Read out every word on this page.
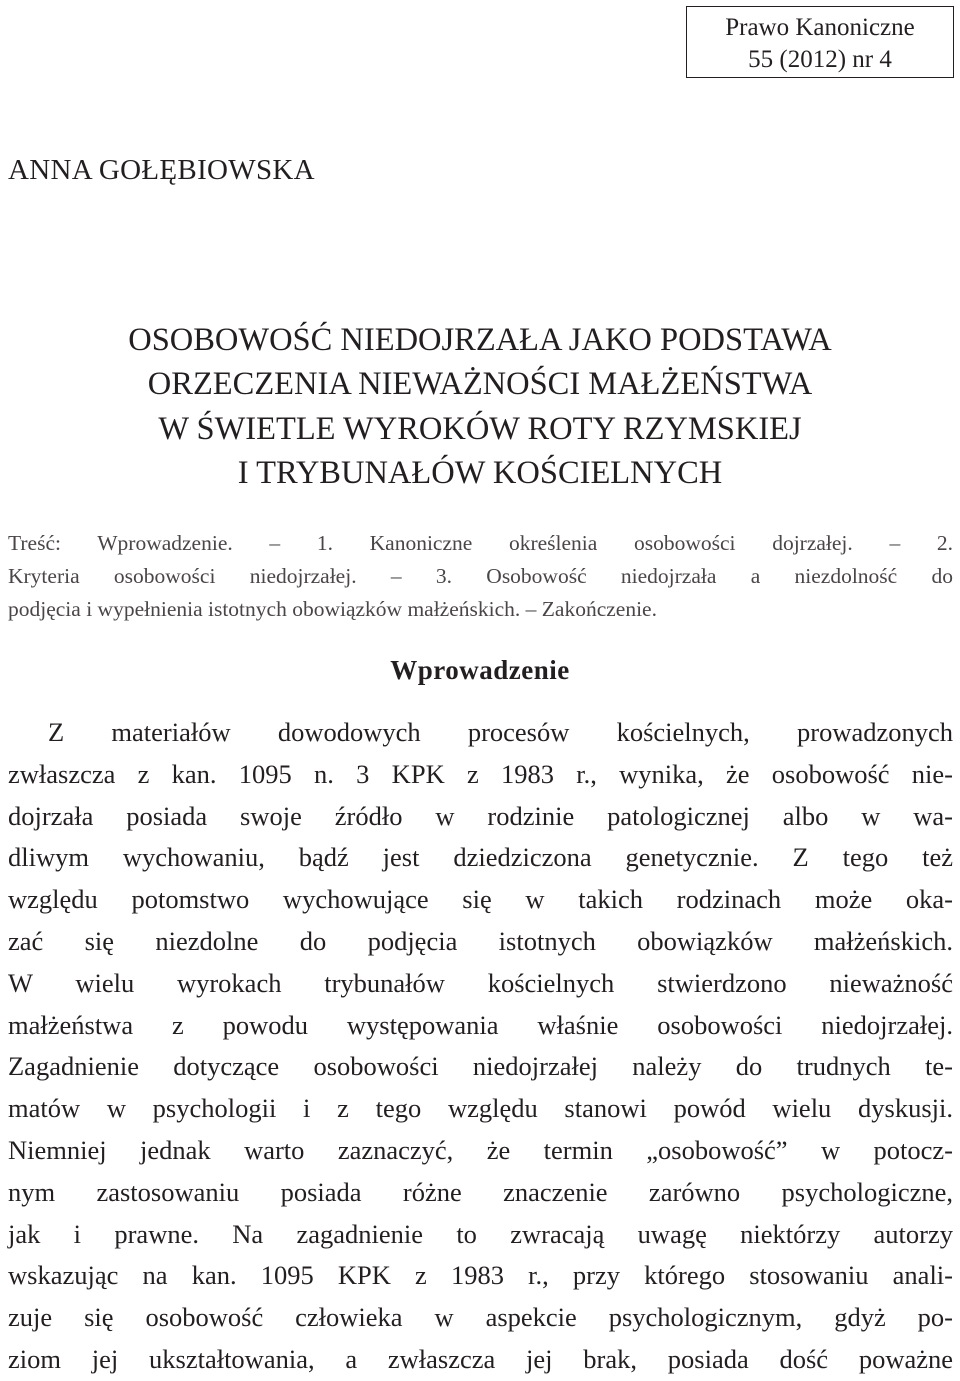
Prawo Kanoniczne
55 (2012) nr 4
ANNA GOŁĘBIOWSKA
OSOBOWOŚĆ NIEDOJRZAŁA JAKO PODSTAWA
ORZECZENIA NIEWAŻNOŚCI MAŁŻEŃSTWA
W ŚWIETLE WYROKÓW ROTY RZYMSKIEJ
I TRYBUNAŁÓW KOŚCIELNYCH
Treść: Wprowadzenie. – 1. Kanoniczne określenia osobowości dojrzałej. – 2.
Kryteria osobowości niedojrzałej. – 3. Osobowość niedojrzała a niezdolność do
podjęcia i wypełnienia istotnych obowiązków małżeńskich. – Zakończenie.
Wprowadzenie
Z materiałów dowodowych procesów kościelnych, prowadzonych
zwłaszcza z kan. 1095 n. 3 KPK z 1983 r., wynika, że osobowość nie-
dojrzała posiada swoje źródło w rodzinie patologicznej albo w wa-
dliwym wychowaniu, bądź jest dziedziczona genetycznie. Z tego też
względu potomstwo wychowujące się w takich rodzinach może oka-
zać się niezdolne do podjęcia istotnych obowiązków małżeńskich.
W wielu wyrokach trybunałów kościelnych stwierdzono nieważność
małżeństwa z powodu występowania właśnie osobowości niedojrzałej.
Zagadnienie dotyczące osobowości niedojrzałej należy do trudnych te-
matów w psychologii i z tego względu stanowi powód wielu dyskusji.
Niemniej jednak warto zaznaczyć, że termin „osobowość” w potocz-
nym zastosowaniu posiada różne znaczenie zarówno psychologiczne,
jak i prawne. Na zagadnienie to zwracają uwagę niektórzy autorzy
wskazując na kan. 1095 KPK z 1983 r., przy którego stosowaniu anali-
zuje się osobowość człowieka w aspekcie psychologicznym, gdyż po-
ziom jej ukształtowania, a zwłaszcza jej brak, posiada dość poważne
